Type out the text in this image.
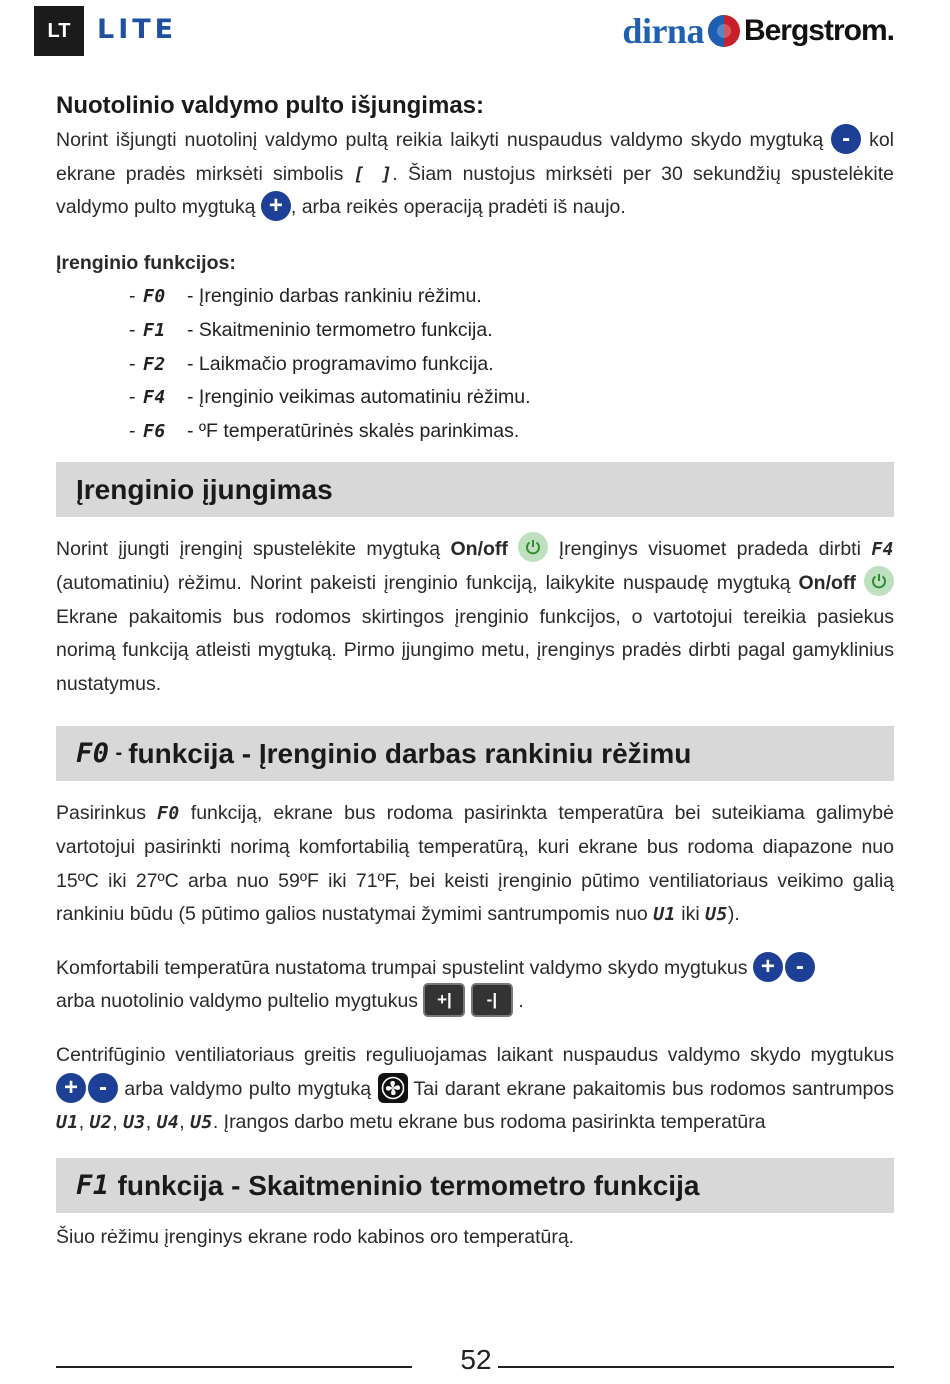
LT LITE	dirna Bergstrom.
Nuotolinio valdymo pulto išjungimas:

Norint išjungti nuotolinį valdymo pultą reikia laikyti nuspaudus valdymo skydo mygtuką - kol ekrane pradės mirksėti simbolis [ ]. Šiam nustojus mirksėti per 30 sekundžių spustelėkite valdymo pulto mygtuką + , arba reikės operaciją pradėti iš naujo.

Įrenginio funkcijos:

- F0	- Įrenginio darbas rankiniu rėžimu.
- F1	- Skaitmeninio termometro funkcija.
- F2	- Laikmačio programavimo funkcija.
- F4	- Įrenginio veikimas automatiniu rėžimu.
- F6	- ºF temperatūrinės skalės parinkimas.
Įrenginio įjungimas

Norint įjungti įrenginį spustelėkite mygtuką On/off	Įrenginys visuomet pradeda dirbti F4 (automatiniu) rėžimu. Norint pakeisti įrenginio funkciją, laikykite nuspaudę mygtuką On/off
Ekrane pakaitomis bus rodomos skirtingos įrenginio funkcijos, o vartotojui tereikia pasiekus norimą funkciją atleisti mygtuką. Pirmo įjungimo metu, įrenginys pradės dirbti pagal gamyklinius nustatymus.

F0 - funkcija - Įrenginio darbas rankiniu rėžimu

Pasirinkus F0 funkciją, ekrane bus rodoma pasirinkta temperatūra bei suteikiama galimybė vartotojui pasirinkti norimą komfortabilią temperatūrą, kuri ekrane bus rodoma diapazone nuo 15ºC iki 27ºC arba nuo 59ºF iki 71ºF, bei keisti įrenginio pūtimo ventiliatoriaus veikimo galią rankiniu būdu (5 pūtimo galios nustatymai žymimi santrumpomis nuo U1 iki U5).

Komfortabili temperatūra nustatoma trumpai spustelint valdymo skydo mygtukus + -
arba nuotolinio valdymo pultelio mygtukus +| -| .

Centrifūginio ventiliatoriaus greitis reguliuojamas laikant nuspaudus valdymo skydo mygtukus + - arba valdymo pulto mygtuką Tai darant ekrane pakaitomis bus rodomos santrumpos U1, U2, U3, U4, U5. Įrangos darbo metu ekrane bus rodoma pasirinkta temperatūra

F1 funkcija - Skaitmeninio termometro funkcija

Šiuo rėžimu įrenginys ekrane rodo kabinos oro temperatūrą.

52
